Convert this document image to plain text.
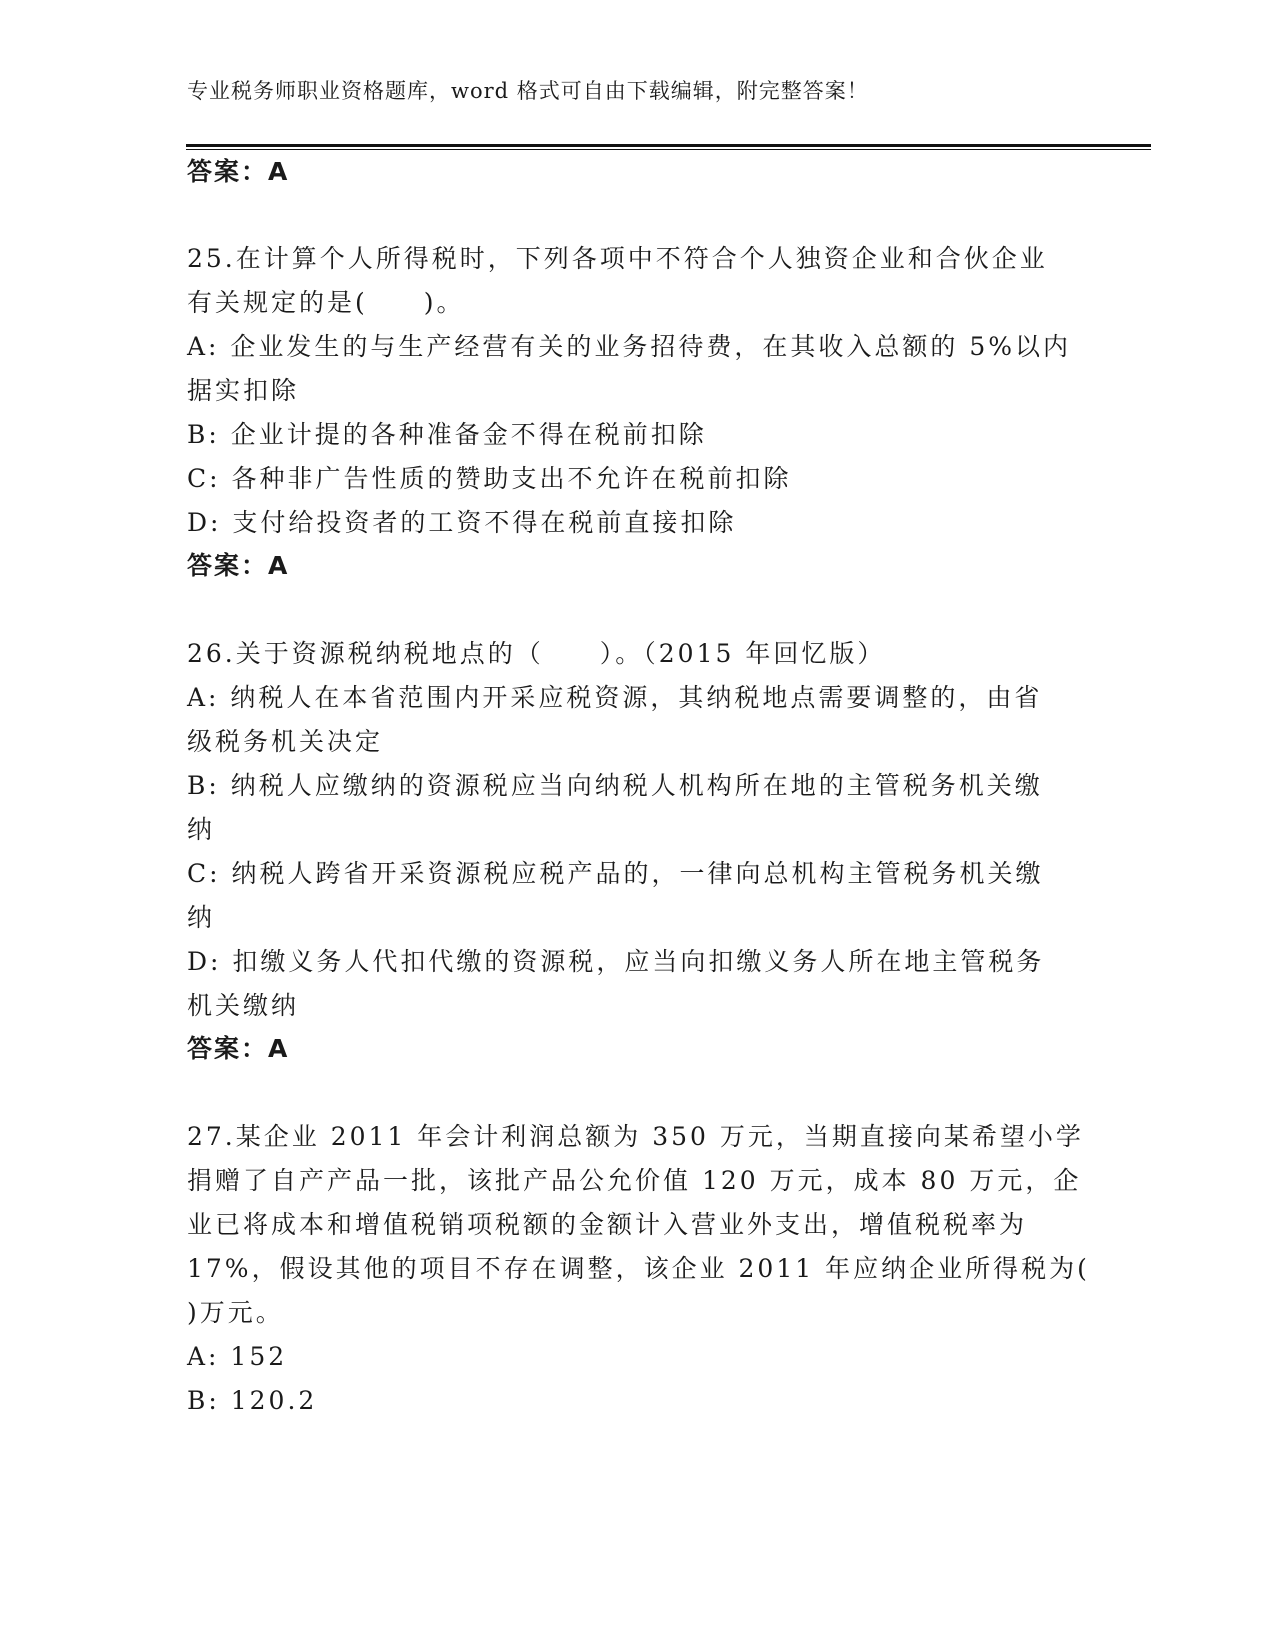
专业税务师职业资格题库，word 格式可自由下载编辑，附完整答案！
答案：A
25.在计算个人所得税时，下列各项中不符合个人独资企业和合伙企业
有关规定的是(　　)。
A: 企业发生的与生产经营有关的业务招待费，在其收入总额的 5%以内
据实扣除
B: 企业计提的各种准备金不得在税前扣除
C: 各种非广告性质的赞助支出不允许在税前扣除
D: 支付给投资者的工资不得在税前直接扣除
答案：A
26.关于资源税纳税地点的（　　）。（2015 年回忆版）
A: 纳税人在本省范围内开采应税资源，其纳税地点需要调整的，由省
级税务机关决定
B: 纳税人应缴纳的资源税应当向纳税人机构所在地的主管税务机关缴
纳
C: 纳税人跨省开采资源税应税产品的，一律向总机构主管税务机关缴
纳
D: 扣缴义务人代扣代缴的资源税，应当向扣缴义务人所在地主管税务
机关缴纳
答案：A
27.某企业 2011 年会计利润总额为 350 万元，当期直接向某希望小学
捐赠了自产产品一批，该批产品公允价值 120 万元，成本 80 万元，企
业已将成本和增值税销项税额的金额计入营业外支出，增值税税率为
17%，假设其他的项目不存在调整，该企业 2011 年应纳企业所得税为(
)万元。
A: 152
B: 120.2
